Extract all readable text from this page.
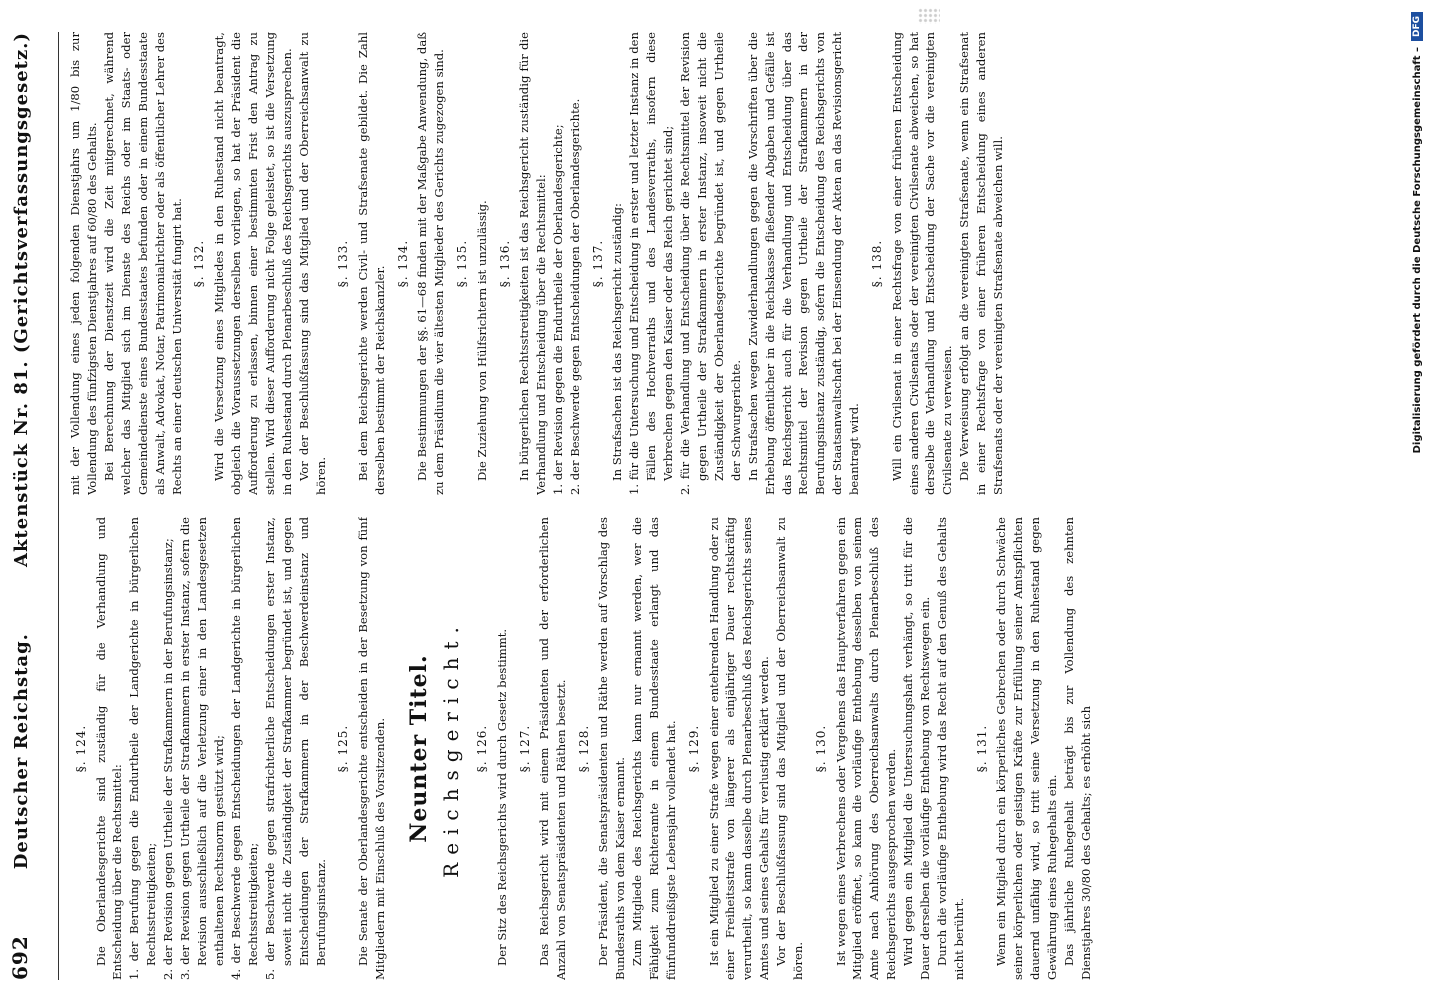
692
Deutscher Reichstag.
Aktenstück Nr. 81. (Gerichtsverfassungsgesetz.)

§. 124. Die Oberlandesgerichte sind zuständig für die Verhandlung und Entscheidung über die Rechtsmittel: 1. der Berufung gegen die Endurtheile der Landgerichte in bürgerlichen Rechtsstreitigkeiten; 2. der Revision gegen Urtheile der Strafkammern in der Berufungsinstanz; 3. der Revision gegen Urtheile der Strafkammern in erster Instanz, sofern die Revision ausschließlich auf die Verletzung einer in den Landesgesetzen enthaltenen Rechtsnorm gestützt wird; 4. der Beschwerde gegen Entscheidungen der Landgerichte in bürgerlichen Rechtsstreitigkeiten; 5. der Beschwerde gegen strafrichterliche Entscheidungen erster Instanz, soweit nicht die Zuständigkeit der Strafkammer begründet ist, und gegen Entscheidungen der Strafkammern in der Beschwerdeinstanz und Berufungsinstanz.

§. 125. Die Senate der Oberlandesgerichte entscheiden in der Besetzung von fünf Mitgliedern mit Einschluß des Vorsitzenden. Neunter Titel. Reichsgericht. §. 126. Der Sitz des Reichsgerichts wird durch Gesetz bestimmt. §. 127. Das Reichsgericht wird mit einem Präsidenten und der erforderlichen Anzahl von Senatspräsidenten und Räthen besetzt. §. 128. Der Präsident, die Senatspräsidenten und Räthe werden auf Vorschlag des Bundesraths von dem Kaiser ernannt. Zum Mitgliede des Reichsgerichts kann nur ernannt werden, wer die Fähigkeit zum Richteramte in einem Bundesstaate erlangt und das fünfunddreißigste Lebensjahr vollendet hat. §. 129. Ist ein Mitglied zu einer Strafe wegen einer entehrenden Handlung oder zu einer Freiheitsstrafe von längerer als einjähriger Dauer rechtskräftig verurtheilt, so kann dasselbe durch Plenarbeschluß des Reichsgerichts seines Amtes und seines Gehalts für verlustig erklärt werden. Vor der Beschlußfassung sind das Mitglied und der Oberreichsanwalt zu hören.

§. 130. Ist wegen eines Verbrechens oder Vergehens das Hauptverfahren gegen ein Mitglied eröffnet, so kann die vorläufige Enthebung desselben von seinem Amte nach Anhörung des Oberreichsanwalts durch Plenarbeschluß des Reichsgerichts ausgesprochen werden. Wird gegen ein Mitglied die Untersuchungshaft verhängt, so tritt für die Dauer derselben die vorläufige Enthebung von Rechtswegen ein. Durch die vorläufige Enthebung wird das Recht auf den Genuß des Gehalts nicht berührt.

§. 131. Wenn ein Mitglied durch ein körperliches Gebrechen oder durch Schwäche seiner körperlichen oder geistigen Kräfte zur Erfüllung seiner Amtspflichten dauernd unfähig wird, so tritt seine Versetzung in den Ruhestand gegen Gewährung eines Ruhegehalts ein. Das jährliche Ruhegehalt beträgt bis zur Vollendung des zehnten Dienstjahres 30/80 des Gehalts; es erhöht sich

mit der Vollendung eines jeden folgenden Dienstjahrs um 1/80 bis zur Vollendung des fünfzigsten Dienstjahres auf 60/80 des Gehalts. Bei Berechnung der Dienstzeit wird die Zeit mitgerechnet, während welcher das Mitglied sich im Dienste des Reichs oder im Staats- oder Gemeindedienste eines Bundesstaates befunden oder in einem Bundesstaate als Anwalt, Advokat, Notar, Patrimonialrichter oder als öffentlicher Lehrer des Rechts an einer deutschen Universität fungirt hat. §. 132. Wird die Versetzung eines Mitgliedes in den Ruhestand nicht beantragt, obgleich die Voraussetzungen derselben vorliegen, so hat der Präsident die Aufforderung zu erlassen, binnen einer bestimmten Frist den Antrag zu stellen. Wird dieser Aufforderung nicht Folge geleistet, so ist die Versetzung in den Ruhestand durch Plenarbeschluß des Reichsgerichts auszusprechen. Vor der Beschlußfassung sind das Mitglied und der Oberreichsanwalt zu hören.

§. 133. Bei dem Reichsgerichte werden Civil- und Strafsenate gebildet. Die Zahl derselben bestimmt der Reichskanzler.

§. 134. Die Bestimmungen der §§. 61—68 finden mit der Maßgabe Anwendung, daß zu dem Präsidium die vier ältesten Mitglieder des Gerichts zugezogen sind. §. 135. Die Zuziehung von Hülfsrichtern ist unzulässig. §. 136. In bürgerlichen Rechtsstreitigkeiten ist das Reichsgericht zuständig für die Verhandlung und Entscheidung über die Rechtsmittel: 1. der Revision gegen die Endurtheile der Oberlandesgerichte; 2. der Beschwerde gegen Entscheidungen der Oberlandesgerichte. §. 137. In Strafsachen ist das Reichsgericht zuständig: 1. für die Untersuchung und Entscheidung in erster und letzter Instanz in den Fällen des Hochverraths und des Landesverraths, insofern diese Verbrechen gegen den Kaiser oder das Reich gerichtet sind; 2. für die Verhandlung und Entscheidung über die Rechtsmittel der Revision gegen Urtheile der Strafkammern in erster Instanz, insoweit nicht die Zuständigkeit der Oberlandesgerichte begründet ist, und gegen Urtheile der Schwurgerichte. In Strafsachen wegen Zuwiderhandlungen gegen die Vorschriften über die Erhebung öffentlicher in die Reichskasse fließender Abgaben und Gefälle ist das Reichsgericht auch für die Verhandlung und Entscheidung über das Rechtsmittel der Revision gegen Urtheile der Strafkammern in der Berufungsinstanz zuständig, sofern die Entscheidung des Reichsgerichts von der Staatsanwaltschaft bei der Einsendung der Akten an das Revisionsgericht beantragt wird.

§. 138. Will ein Civilsenat in einer Rechtsfrage von einer früheren Entscheidung eines anderen Civilsenats oder der vereinigten Civilsenate abweichen, so hat derselbe die Verhandlung und Entscheidung der Sache vor die vereinigten Civilsenate zu verweisen. Die Verweisung erfolgt an die vereinigten Strafsenate, wenn ein Strafsenat in einer Rechtsfrage von einer früheren Entscheidung eines anderen Strafsenats oder der vereinigten Strafsenate abweichen will.	Digitalisierung gefördert durch die Deutsche Forschungsgemeinschaft –
DFG
